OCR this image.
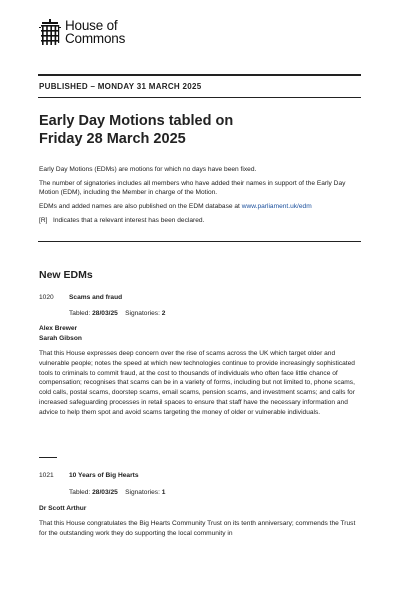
House of
Commons
PUBLISHED – MONDAY 31 MARCH 2025
Early Day Motions tabled on
Friday 28 March 2025

Early Day Motions (EDMs) are motions for which no days have been fixed.

The number of signatories includes all members who have added their names in support of the Early Day Motion (EDM), including the Member in charge of the Motion.

EDMs and added names are also published on the EDM database at www.parliament.uk/edm

[R] Indicates that a relevant interest has been declared.
New EDMs
1020 Scams and fraud
Tabled: 28/03/25 Signatories: 2
Alex Brewer
Sarah Gibson
That this House expresses deep concern over the rise of scams across the UK which target older and vulnerable people; notes the speed at which new technologies continue to provide increasingly sophisticated tools to criminals to commit fraud, at the cost to thousands of individuals who often face little chance of compensation; recognises that scams can be in a variety of forms, including but not limited to, phone scams, cold calls, postal scams, doorstep scams, email scams, pension scams, and investment scams; and calls for increased safeguarding processes in retail spaces to ensure that staff have the necessary information and advice to help them spot and avoid scams targeting the money of older or vulnerable individuals.
1021 10 Years of Big Hearts
Tabled: 28/03/25 Signatories: 1
Dr Scott Arthur
That this House congratulates the Big Hearts Community Trust on its tenth anniversary; commends the Trust for the outstanding work they do supporting the local community in
